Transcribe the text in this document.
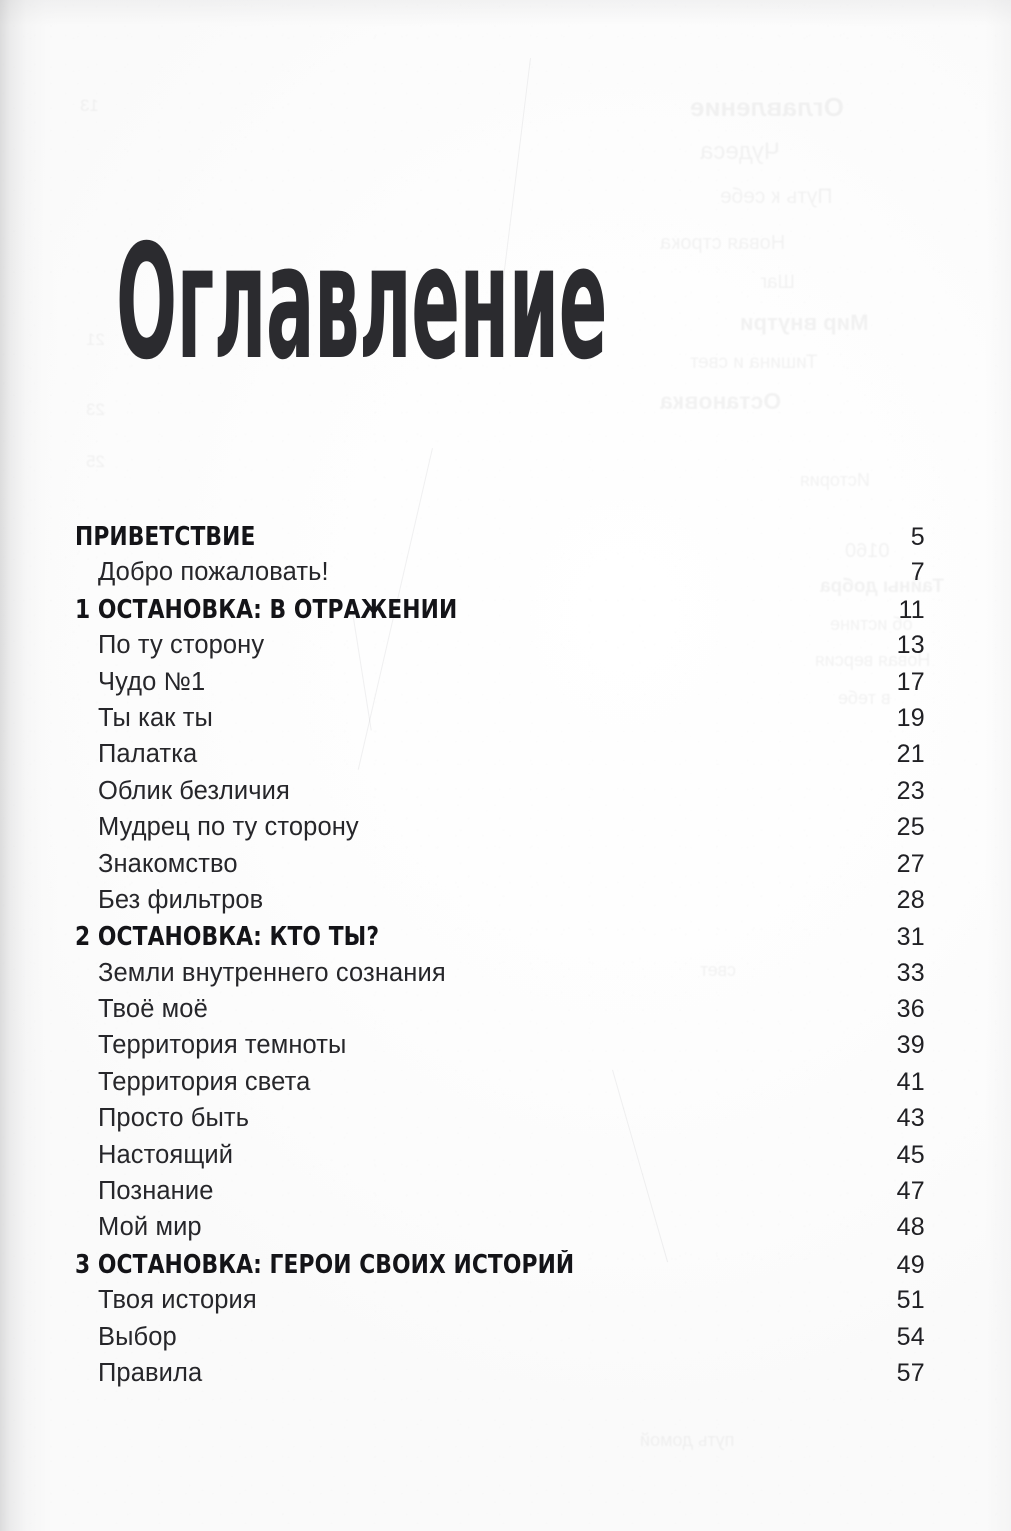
Оглавление
ПРИВЕТСТВИЕ	5
Добро пожаловать!	7
1 ОСТАНОВКА: В ОТРАЖЕНИИ	11
По ту сторону	13
Чудо №1	17
Ты как ты	19
Палатка	21
Облик безличия	23
Мудрец по ту сторону	25
Знакомство	27
Без фильтров	28
2 ОСТАНОВКА: КТО ТЫ?	31
Земли внутреннего сознания	33
Твоё моё	36
Территория темноты	39
Территория света	41
Просто быть	43
Настоящий	45
Познание	47
Мой мир	48
3 ОСТАНОВКА: ГЕРОИ СВОИХ ИСТОРИЙ	49
Твоя история	51
Выбор	54
Правила	57
